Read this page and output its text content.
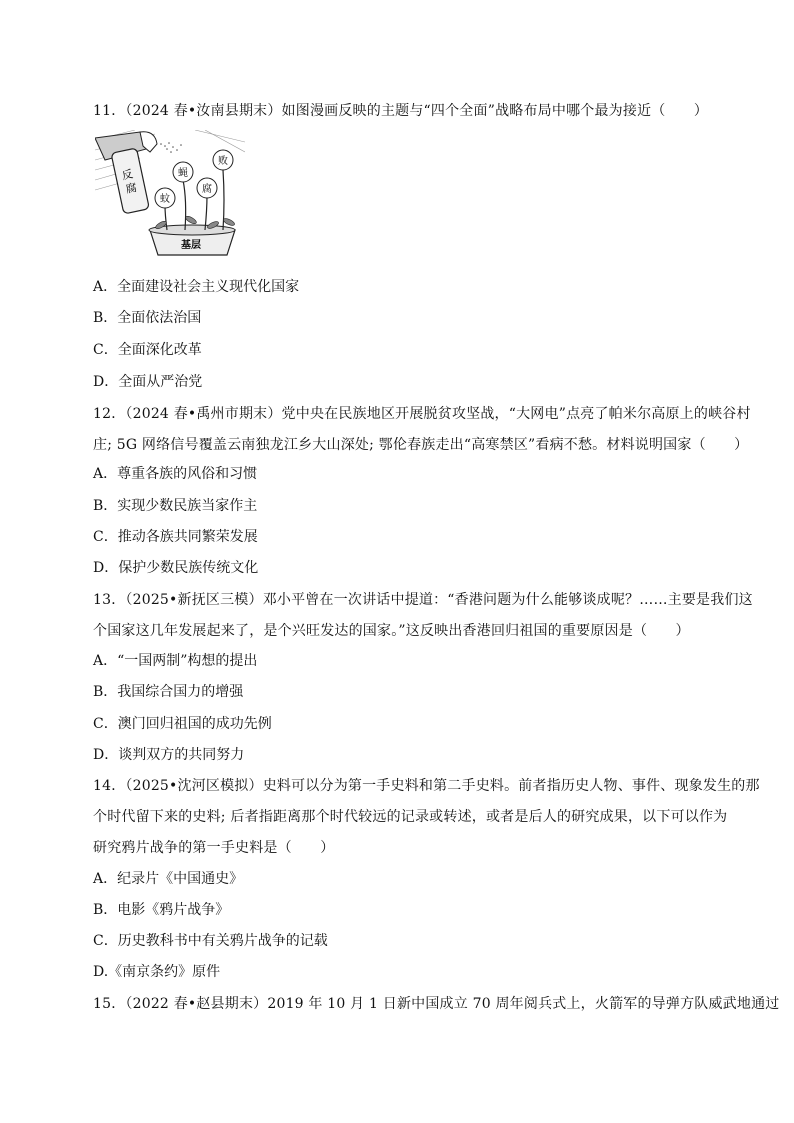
11．（2024 春•汝南县期末）如图漫画反映的主题与“四个全面”战略布局中哪个最为接近（　　）
反
腐
基层
蚊
蝇
腐
败
A．全面建设社会主义现代化国家
B．全面依法治国
C．全面深化改革
D．全面从严治党
12．（2024 春•禹州市期末）党中央在民族地区开展脱贫攻坚战，“大网电”点亮了帕米尔高原上的峡谷村
庄; 5G 网络信号覆盖云南独龙江乡大山深处; 鄂伦春族走出“高寒禁区”看病不愁。材料说明国家（　　）
A．尊重各族的风俗和习惯
B．实现少数民族当家作主
C．推动各族共同繁荣发展
D．保护少数民族传统文化
13．（2025•新抚区三模）邓小平曾在一次讲话中提道：“香港问题为什么能够谈成呢？……主要是我们这
个国家这几年发展起来了，是个兴旺发达的国家。”这反映出香港回归祖国的重要原因是（　　）
A．“一国两制”构想的提出
B．我国综合国力的增强
C．澳门回归祖国的成功先例
D．谈判双方的共同努力
14．（2025•沈河区模拟）史料可以分为第一手史料和第二手史料。前者指历史人物、事件、现象发生的那
个时代留下来的史料; 后者指距离那个时代较远的记录或转述，或者是后人的研究成果，以下可以作为
研究鸦片战争的第一手史料是（　　）
A．纪录片《中国通史》
B．电影《鸦片战争》
C．历史教科书中有关鸦片战争的记载
D.《南京条约》原件
15．（2022 春•赵县期末）2019 年 10 月 1 日新中国成立 70 周年阅兵式上，火箭军的导弹方队威武地通过
